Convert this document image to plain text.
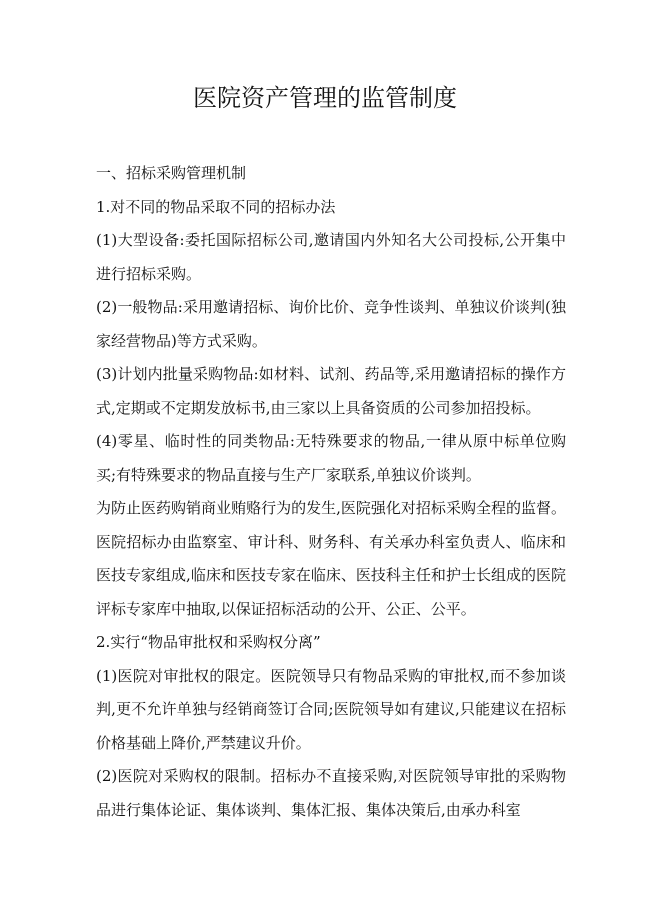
医院资产管理的监管制度

一、招标采购管理机制

1.对不同的物品采取不同的招标办法

(1)大型设备:委托国际招标公司,邀请国内外知名大公司投标,公开集中进行招标采购。

(2)一般物品:采用邀请招标、询价比价、竞争性谈判、单独议价谈判(独家经营物品)等方式采购。

(3)计划内批量采购物品:如材料、试剂、药品等,采用邀请招标的操作方式,定期或不定期发放标书,由三家以上具备资质的公司参加招投标。

(4)零星、临时性的同类物品:无特殊要求的物品,一律从原中标单位购买;有特殊要求的物品直接与生产厂家联系,单独议价谈判。

为防止医药购销商业贿赂行为的发生,医院强化对招标采购全程的监督。医院招标办由监察室、审计科、财务科、有关承办科室负责人、临床和医技专家组成,临床和医技专家在临床、医技科主任和护士长组成的医院评标专家库中抽取,以保证招标活动的公开、公正、公平。

2.实行“物品审批权和采购权分离”

(1)医院对审批权的限定。医院领导只有物品采购的审批权,而不参加谈判,更不允许单独与经销商签订合同;医院领导如有建议,只能建议在招标价格基础上降价,严禁建议升价。

(2)医院对采购权的限制。招标办不直接采购,对医院领导审批的采购物品进行集体论证、集体谈判、集体汇报、集体决策后,由承办科室
